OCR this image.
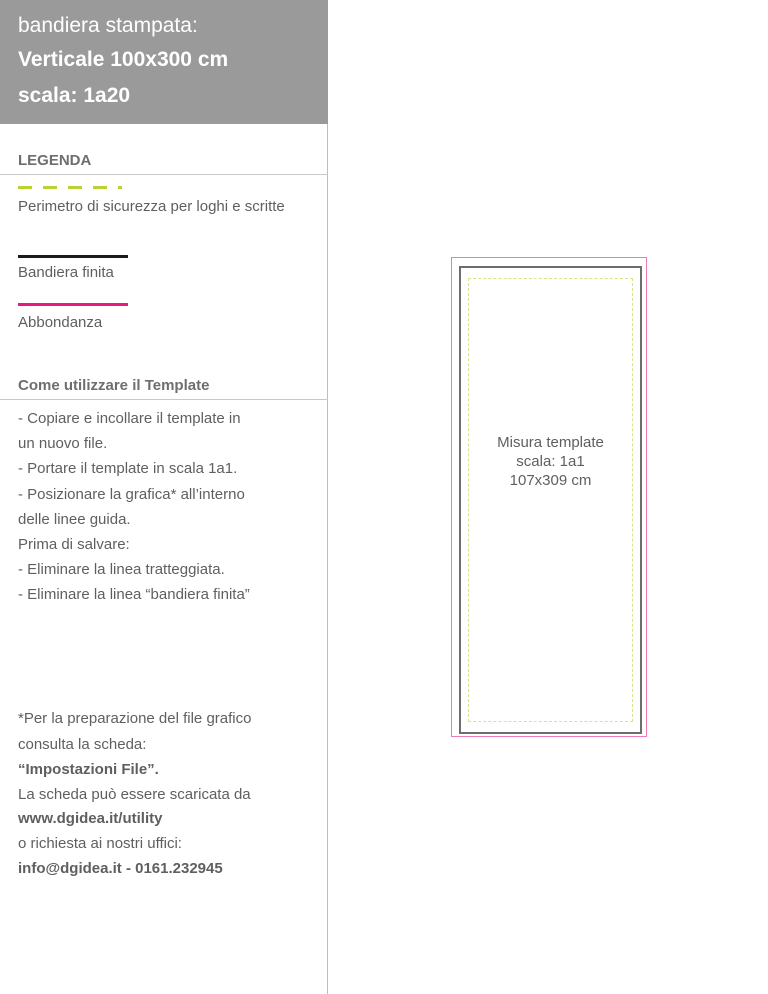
bandiera stampata:
Verticale 100x300 cm
scala: 1a20
LEGENDA
Perimetro di sicurezza per loghi e scritte
Bandiera finita
Abbondanza
Come utilizzare il Template
- Copiare e incollare il template in
un nuovo file.
- Portare il template in scala 1a1.
- Posizionare la grafica* all’interno
delle linee guida.
Prima di salvare:
- Eliminare la linea tratteggiata.
- Eliminare la linea “bandiera finita”
*Per la preparazione del file grafico
consulta la scheda:
“Impostazioni File”.
La scheda può essere scaricata da
www.dgidea.it/utility
o richiesta ai nostri uffici:
info@dgidea.it - 0161.232945
Misura template
scala: 1a1
107x309 cm
